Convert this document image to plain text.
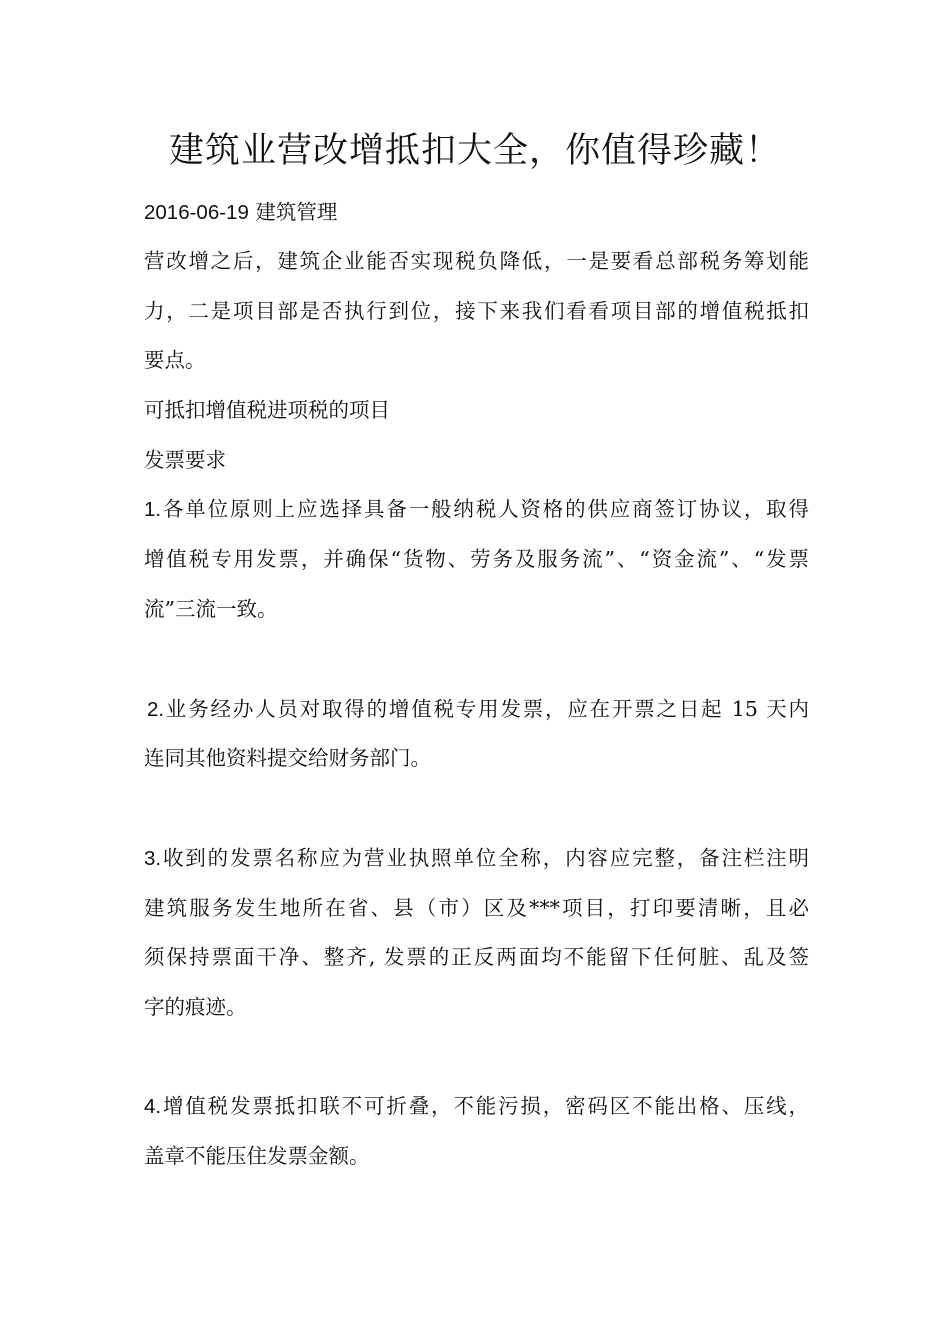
建筑业营改增抵扣大全，你值得珍藏！
2016-06-19 建筑管理
营改增之后，建筑企业能否实现税负降低，一是要看总部税务筹划能
力，二是项目部是否执行到位，接下来我们看看项目部的增值税抵扣
要点。
可抵扣增值税进项税的项目
发票要求
1.各单位原则上应选择具备一般纳税人资格的供应商签订协议，取得
增值税专用发票，并确保“货物、劳务及服务流”、“资金流”、“发票
流”三流一致。
2.业务经办人员对取得的增值税专用发票，应在开票之日起 15 天内
连同其他资料提交给财务部门。
3.收到的发票名称应为营业执照单位全称，内容应完整，备注栏注明
建筑服务发生地所在省、县（市）区及***项目，打印要清晰，且必
须保持票面干净、整齐, 发票的正反两面均不能留下任何脏、乱及签
字的痕迹。
4.增值税发票抵扣联不可折叠，不能污损，密码区不能出格、压线，
盖章不能压住发票金额。
